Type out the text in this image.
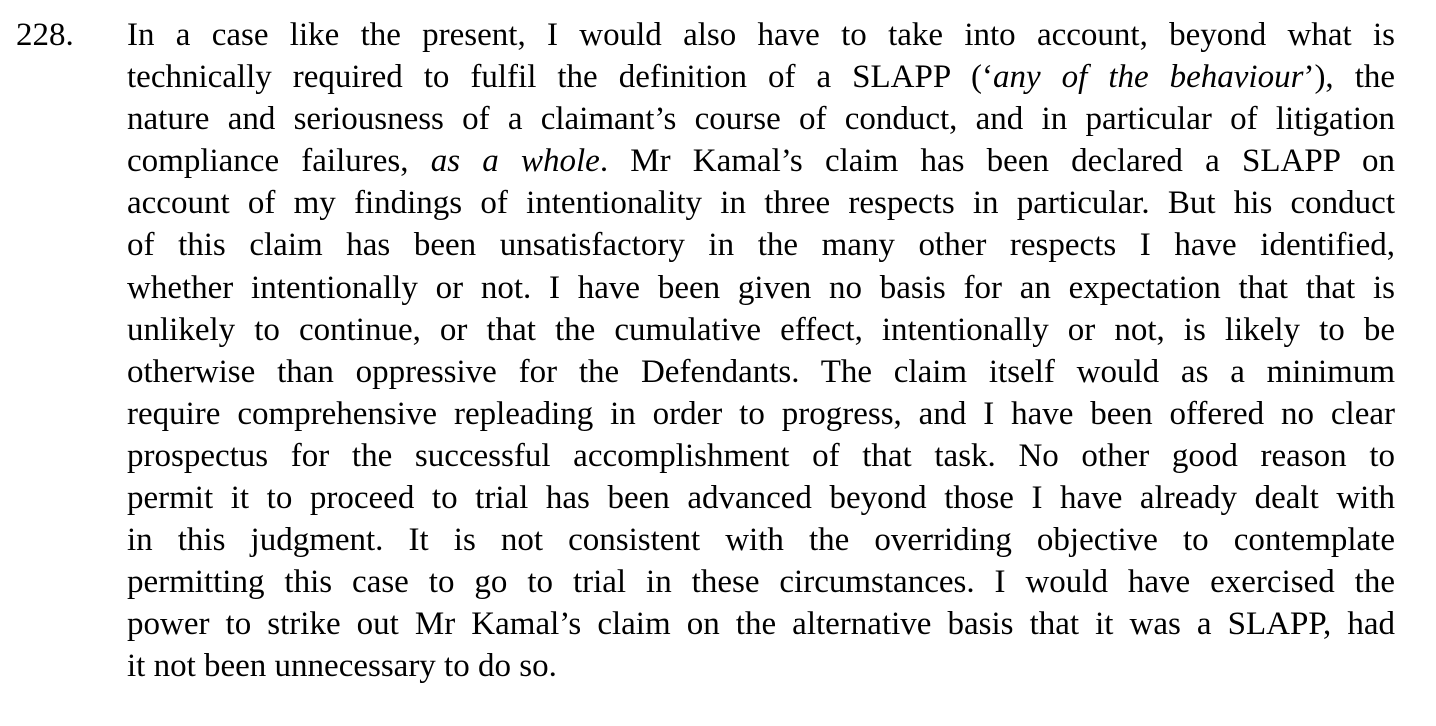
228. In a case like the present, I would also have to take into account, beyond what is
technically required to fulfil the definition of a SLAPP (‘any of the behaviour’), the
nature and seriousness of a claimant’s course of conduct, and in particular of litigation
compliance failures, as a whole. Mr Kamal’s claim has been declared a SLAPP on
account of my findings of intentionality in three respects in particular. But his conduct
of this claim has been unsatisfactory in the many other respects I have identified,
whether intentionally or not. I have been given no basis for an expectation that that is
unlikely to continue, or that the cumulative effect, intentionally or not, is likely to be
otherwise than oppressive for the Defendants. The claim itself would as a minimum
require comprehensive repleading in order to progress, and I have been offered no clear
prospectus for the successful accomplishment of that task. No other good reason to
permit it to proceed to trial has been advanced beyond those I have already dealt with
in this judgment. It is not consistent with the overriding objective to contemplate
permitting this case to go to trial in these circumstances. I would have exercised the
power to strike out Mr Kamal’s claim on the alternative basis that it was a SLAPP, had
it not been unnecessary to do so.
